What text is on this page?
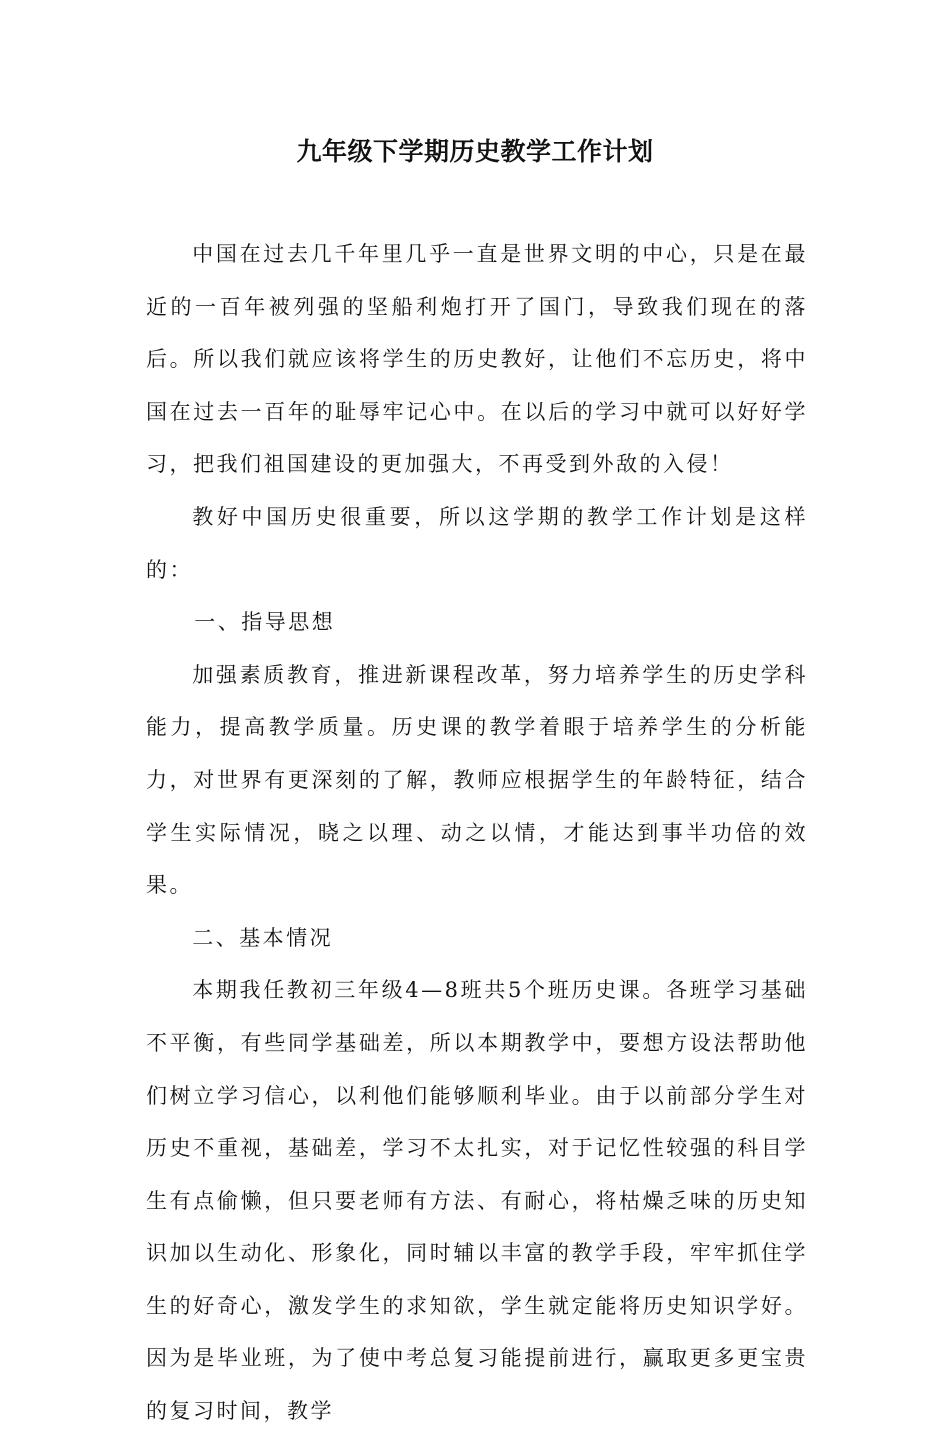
九年级下学期历史教学工作计划

中国在过去几千年里几乎一直是世界文明的中心，只是在最近的一百年被列强的坚船利炮打开了国门，导致我们现在的落后。所以我们就应该将学生的历史教好，让他们不忘历史，将中国在过去一百年的耻辱牢记心中。在以后的学习中就可以好好学习，把我们祖国建设的更加强大，不再受到外敌的入侵！

教好中国历史很重要，所以这学期的教学工作计划是这样的：

一、指导思想

加强素质教育，推进新课程改革，努力培养学生的历史学科能力，提高教学质量。历史课的教学着眼于培养学生的分析能力，对世界有更深刻的了解，教师应根据学生的年龄特征，结合学生实际情况，晓之以理、动之以情，才能达到事半功倍的效果。

二、基本情况

本期我任教初三年级4—8班共5个班历史课。各班学习基础不平衡，有些同学基础差，所以本期教学中，要想方设法帮助他们树立学习信心，以利他们能够顺利毕业。由于以前部分学生对历史不重视，基础差，学习不太扎实，对于记忆性较强的科目学生有点偷懒，但只要老师有方法、有耐心，将枯燥乏味的历史知识加以生动化、形象化，同时辅以丰富的教学手段，牢牢抓住学生的好奇心，激发学生的求知欲，学生就定能将历史知识学好。因为是毕业班，为了使中考总复习能提前进行，赢取更多更宝贵的复习时间，教学
